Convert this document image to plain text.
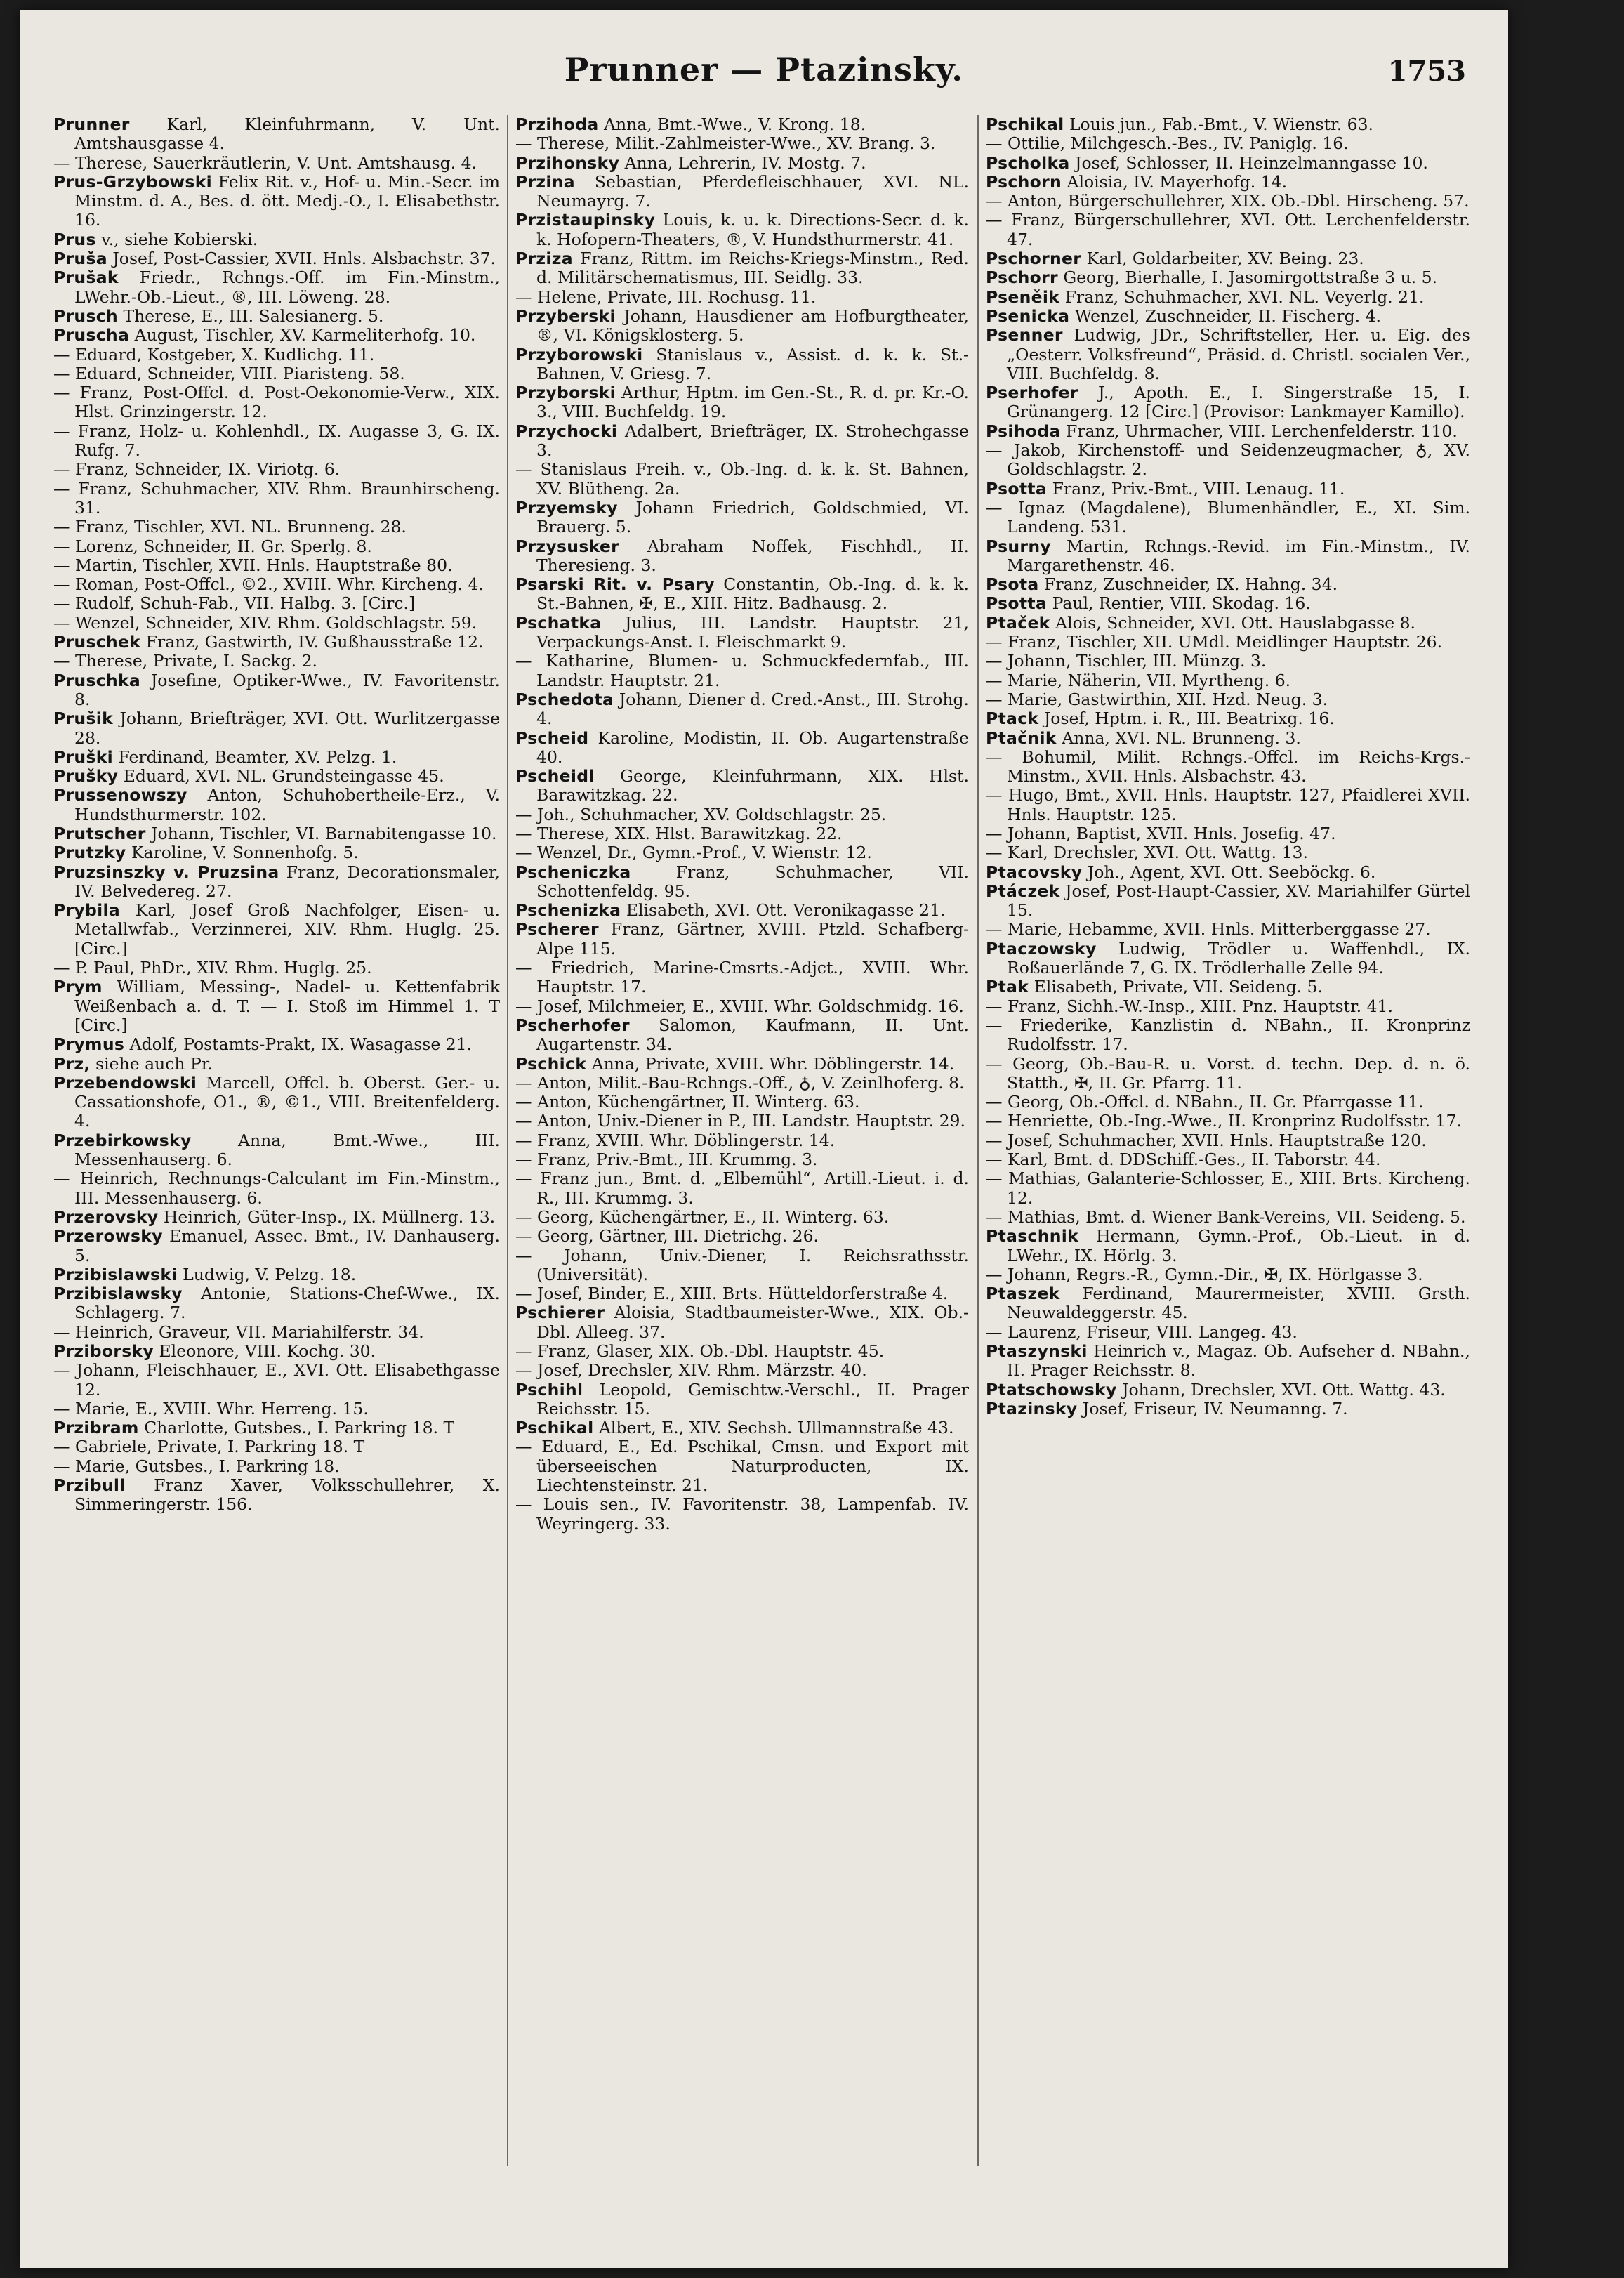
Prunner — Ptazinsky.	1753

Prunner Karl, Kleinfuhrmann, V. Unt. Amtshausgasse 4.

— Therese, Sauerkräutlerin, V. Unt. Amtshausg. 4.

Prus-Grzybowski Felix Rit. v., Hof- u. Min.-Secr. im Minstm. d. A., Bes. d. ött. Medj.-O., I. Elisabethstr. 16.

Prus v., siehe Kobierski.

Pruša Josef, Post-Cassier, XVII. Hnls. Alsbachstr. 37.

Prušak Friedr., Rchngs.-Off. im Fin.-Minstm., LWehr.-Ob.-Lieut., ®, III. Löweng. 28.

Prusch Therese, E., III. Salesianerg. 5.

Pruscha August, Tischler, XV. Karmeliterhofg. 10.

— Eduard, Kostgeber, X. Kudlichg. 11.

— Eduard, Schneider, VIII. Piaristeng. 58.

— Franz, Post-Offcl. d. Post-Oekonomie-Verw., XIX. Hlst. Grinzingerstr. 12.

— Franz, Holz- u. Kohlenhdl., IX. Augasse 3, G. IX. Rufg. 7.

— Franz, Schneider, IX. Viriotg. 6.

— Franz, Schuhmacher, XIV. Rhm. Braunhirscheng. 31.

— Franz, Tischler, XVI. NL. Brunneng. 28.

— Lorenz, Schneider, II. Gr. Sperlg. 8.

— Martin, Tischler, XVII. Hnls. Hauptstraße 80.

— Roman, Post-Offcl., ©2., XVIII. Whr. Kircheng. 4.

— Rudolf, Schuh-Fab., VII. Halbg. 3. [Circ.]

— Wenzel, Schneider, XIV. Rhm. Goldschlagstr. 59.

Pruschek Franz, Gastwirth, IV. Gußhausstraße 12.

— Therese, Private, I. Sackg. 2.

Pruschka Josefine, Optiker-Wwe., IV. Favoritenstr. 8.

Prušik Johann, Briefträger, XVI. Ott. Wurlitzergasse 28.

Pruški Ferdinand, Beamter, XV. Pelzg. 1.

Prušky Eduard, XVI. NL. Grundsteingasse 45.

Prussenowszy Anton, Schuhobertheile-Erz., V. Hundsthurmerstr. 102.

Prutscher Johann, Tischler, VI. Barnabitengasse 10.

Prutzky Karoline, V. Sonnenhofg. 5.

Pruzsinszky v. Pruzsina Franz, Decorationsmaler, IV. Belvederеg. 27.

Prybila Karl, Josef Groß Nachfolger, Eisen- u. Metallwfab., Verzinnerei, XIV. Rhm. Huglg. 25. [Circ.]

— P. Paul, PhDr., XIV. Rhm. Huglg. 25.

Prym William, Messing-, Nadel- u. Kettenfabrik Weißenbach a. d. T. — I. Stoß im Himmel 1. T [Circ.]

Prymus Adolf, Postamts-Prakt, IX. Wasagasse 21.

Prz, siehe auch Pr.

Przebendowski Marcell, Offcl. b. Oberst. Ger.- u. Cassationshofe, O1., ®, ©1., VIII. Breitenfelderg. 4.

Przebirkowsky	Anna, Bmt.-Wwe., III. Messenhauserg. 6.

— Heinrich, Rechnungs-Calculant im Fin.-Minstm., III. Messenhauserg. 6.

Przerovsky Heinrich, Güter-Insp., IX. Müllnerg. 13.

Przerowsky Emanuel, Assec. Bmt., IV. Danhauserg. 5.

Przibislawski Ludwig, V. Pelzg. 18.

Przibislawsky Antonie, Stations-Chef-Wwe., IX. Schlagerg. 7.

— Heinrich, Graveur, VII. Mariahilferstr. 34.

Prziborsky Eleonore, VIII. Kochg. 30.

— Johann, Fleischhauer, E., XVI. Ott. Elisabethgasse 12.

— Marie, E., XVIII. Whr. Herreng. 15.

Przibram Charlotte, Gutsbes., I. Parkring 18. T

— Gabriele, Private, I. Parkring 18. T

— Marie, Gutsbes., I. Parkring 18.

Przibull Franz Xaver, Volksschullehrer, X. Simmeringerstr. 156.

Przihoda Anna, Bmt.-Wwe., V. Krong. 18.

— Therese, Milit.-Zahlmeister-Wwe., XV. Brang. 3.

Przihonsky Anna, Lehrerin, IV. Mostg. 7.

Przina Sebastian, Pferdefleischhauer, XVI. NL. Neumayrg. 7.

Przistaupinsky Louis, k. u. k. Directions-Secr. d. k. k. Hofopern-Theaters, ®, V. Hundsthurmerstr. 41.

Przіza Franz, Rittm. im Reichs-Kriegs-Minstm., Red. d. Militärschematismus, III. Seidlg. 33.

— Helene, Private, III. Rochusg. 11.

Przyberski Johann, Hausdiener am Hofburgtheater, ®, VI. Königsklosterg. 5.

Przyborowski Stanislaus v., Assist. d. k. k. St.-Bahnen, V. Griesg. 7.

Przyborski Arthur, Hptm. im Gen.-St., R. d. pr. Kr.-O. 3., VIII. Buchfeldg. 19.

Przychocki Adalbert, Briefträger, IX. Strohechgasse 3.

— Stanislaus Freih. v., Ob.-Ing. d. k. k. St. Bahnen, XV. Blütheng. 2a.

Przyemsky Johann Friedrich, Goldschmied, VI. Brauerg. 5.

Przysusker Abraham Noffek, Fischhdl., II. Theresieng. 3.

Psarski Rit. v. Psary Constantin, Ob.-Ing. d. k. k. St.-Bahnen, ✠, E., XIII. Hitz. Badhausg. 2.

Pschatka Julius, III. Landstr. Hauptstr. 21, Verpackungs-Anst. I. Fleischmarkt 9.

— Katharine, Blumen- u. Schmuckfedernfab., III. Landstr. Hauptstr. 21.

Pschedota Johann, Diener d. Cred.-Anst., III. Strohg. 4.

Pscheid Karoline, Modistin, II. Ob. Augartenstraße 40.

Pscheidl George, Kleinfuhrmann, XIX. Hlst. Barawitzkag. 22.

— Joh., Schuhmacher, XV. Goldschlagstr. 25.

— Therese, XIX. Hlst. Barawitzkag. 22.

— Wenzel, Dr., Gymn.-Prof., V. Wienstr. 12.

Pscheniczka	Franz, Schuhmacher, VII. Schottenfeldg. 95.

Pschenizka Elisabeth, XVI. Ott. Veronikagasse 21.

Pscherer Franz, Gärtner, XVIII. Ptzld. Schafberg-Alpe 115.

— Friedrich, Marine-Cmsrts.-Adjct., XVIII. Whr. Hauptstr. 17.

— Josef, Milchmeier, E., XVIII. Whr. Goldschmidg. 16.

Pscherhofer Salomon, Kaufmann, II. Unt. Augartenstr. 34.

Pschick Anna, Private, XVIII. Whr. Döblingerstr. 14.

— Anton, Milit.-Bau-Rchngs.-Off., ♁, V. Zeinlhoferg. 8.

— Anton, Küchengärtner, II. Winterg. 63.

— Anton, Univ.-Diener in P., III. Landstr. Hauptstr. 29.

— Franz, XVIII. Whr. Döblingerstr. 14.

— Franz, Priv.-Bmt., III. Krummg. 3.

— Franz jun., Bmt. d. „Elbemühl“, Artill.-Lieut. i. d. R., III. Krummg. 3.

— Georg, Küchengärtner, E., II. Winterg. 63.

— Georg, Gärtner, III. Dietrichg. 26.

— Johann, Univ.-Diener, I. Reichsrathsstr. (Universität).

— Josef, Binder, E., XIII. Brts. Hütteldorferstraße 4.

Pschierer Aloisia, Stadtbaumeister-Wwe., XIX. Ob.-Dbl. Alleeg. 37.

— Franz, Glaser, XIX. Ob.-Dbl. Hauptstr. 45.

— Josef, Drechsler, XIV. Rhm. Märzstr. 40.

Pschihl Leopold, Gemischtw.-Verschl., II. Prager Reichsstr. 15.

Pschikal Albert, E., XIV. Sechsh. Ullmannstraße 43.

— Eduard, E., Ed. Pschikal, Cmsn. und Export mit überseeischen Naturproducten, IX. Liechtensteinstr. 21.

— Louis sen., IV. Favoritenstr. 38, Lampenfab. IV. Weyringerg. 33.

Pschikal Louis jun., Fab.-Bmt., V. Wienstr. 63.

— Ottilie, Milchgesch.-Bes., IV. Paniglg. 16.

Pscholka Josef, Schlosser, II. Heinzelmanngasse 10.

Pschorn Aloisia, IV. Mayerhofg. 14.

— Anton, Bürgerschullehrer, XIX. Ob.-Dbl. Hirscheng. 57.

— Franz, Bürgerschullehrer, XVI. Ott. Lerchenfelderstr. 47.

Pschorner Karl, Goldarbeiter, XV. Being. 23.

Pschorr Georg, Bierhalle, I. Jasomirgottstraße 3 u. 5.

Pseněik Franz, Schuhmacher, XVI. NL. Veyerlg. 21.

Psenicka Wenzel, Zuschneider, II. Fischerg. 4.

Psenner Ludwig, JDr., Schriftsteller, Her. u. Eig. des „Oesterr. Volksfreund“, Präsid. d. Christl. socialen Ver., VIII. Buchfeldg. 8.

Pserhofer J., Apoth. E., I. Singerstraße 15, I. Grünangerg. 12 [Circ.] (Provisor: Lankmayer Kamillo).

Psihoda Franz, Uhrmacher, VIII. Lerchenfelderstr. 110.

— Jakob, Kirchenstoff- und Seidenzeugmacher, ♁, XV. Goldschlagstr. 2.

Psotta Franz, Priv.-Bmt., VIII. Lenaug. 11.

— Ignaz (Magdalene), Blumenhändler, E., XI. Sim. Landeng. 531.

Psurny Martin, Rchngs.-Revid. im Fin.-Minstm., IV. Margarethenstr. 46.

Psota Franz, Zuschneider, IX. Hahng. 34.

Psotta Paul, Rentier, VIII. Skodag. 16.

Ptaček Alois, Schneider, XVI. Ott. Hauslabgasse 8.

— Franz, Tischler, XII. UMdl. Meidlinger Hauptstr. 26.

— Johann, Tischler, III. Münzg. 3.

— Marie, Näherin, VII. Myrtheng. 6.

— Marie, Gastwirthin, XII. Hzd. Neug. 3.

Ptack Josef, Hptm. i. R., III. Beatrixg. 16.

Ptačnik Anna, XVI. NL. Brunneng. 3.

— Bohumil, Milit. Rchngs.-Offcl. im Reichs-Krgs.-Minstm., XVII. Hnls. Alsbachstr. 43.

— Hugo, Bmt., XVII. Hnls. Hauptstr. 127, Pfaidlerei XVII. Hnls. Hauptstr. 125.

— Johann, Baptist, XVII. Hnls. Josefig. 47.

— Karl, Drechsler, XVI. Ott. Wattg. 13.

Ptacovsky Joh., Agent, XVI. Ott. Seeböckg. 6.

Ptáczek Josef, Post-Haupt-Cassier, XV. Mariahilfer Gürtel 15.

— Marie, Hebamme, XVII. Hnls. Mitterberggasse 27.

Ptaczowsky Ludwig, Trödler u. Waffenhdl., IX. Roßauerlände 7, G. IX. Trödlerhalle Zelle 94.

Ptak Elisabeth, Private, VII. Seideng. 5.

— Franz, Sichh.-W.-Insp., XIII. Pnz. Hauptstr. 41.

— Friederike, Kanzlistin d. NBahn., II. Kronprinz Rudolfsstr. 17.

— Georg, Ob.-Bau-R. u. Vorst. d. techn. Dep. d. n. ö. Statth., ✠, II. Gr. Pfarrg. 11.

— Georg, Ob.-Offcl. d. NBahn., II. Gr. Pfarrgasse 11.

— Henriette, Ob.-Ing.-Wwe., II. Kronprinz Rudolfsstr. 17.

— Josef, Schuhmacher, XVII. Hnls. Hauptstraße 120.

— Karl, Bmt. d. DDSchiff.-Ges., II. Taborstr. 44.

— Mathias, Galanterie-Schlosser, E., XIII. Brts. Kircheng. 12.

— Mathias, Bmt. d. Wiener Bank-Vereins, VII. Seideng. 5.

Ptaschnik Hermann, Gymn.-Prof., Ob.-Lieut. in d. LWehr., IX. Hörlg. 3.

— Johann, Regrs.-R., Gymn.-Dir., ✠, IX. Hörlgasse 3.

Ptaszek Ferdinand, Maurermeister, XVIII. Grsth. Neuwaldeggerstr. 45.

— Laurenz, Friseur, VIII. Langeg. 43.

Ptaszynski Heinrich v., Magaz. Ob. Aufseher d. NBahn., II. Prager Reichsstr. 8.

Ptatschowsky Johann, Drechsler, XVI. Ott. Wattg. 43.

Ptazinsky Josef, Friseur, IV. Neumanng. 7.
